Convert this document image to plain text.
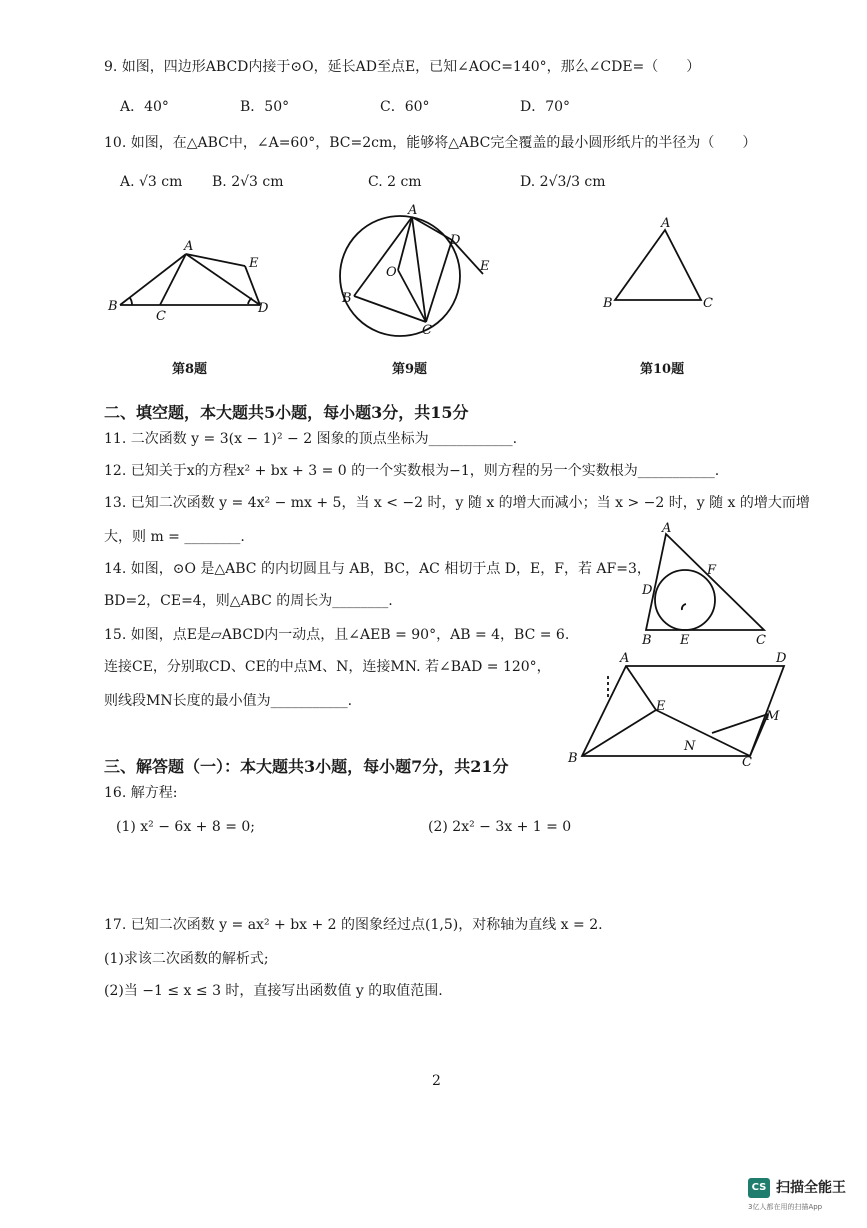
9. 如图，四边形ABCD内接于⊙O，延长AD至点E，已知∠AOC=140°，那么∠CDE=（　　）
A．40°	B．50°	C．60°	D．70°
10. 如图，在△ABC中，∠A=60°，BC=2cm，能够将△ABC完全覆盖的最小圆形纸片的半径为（　　）
A. √3 cm B. 2√3 cm	C. 2 cm	D. 2√3/3 cm
A
E
B
C
D
A
D
E
O
B
C
A
B	C
第8题	第9题	第10题
二、填空题，本大题共5小题，每小题3分，共15分
11. 二次函数 y = 3(x − 1)² − 2 图象的顶点坐标为____________.
12. 已知关于x的方程x² + bx + 3 = 0 的一个实数根为−1，则方程的另一个实数根为___________.
13. 已知二次函数 y = 4x² − mx + 5，当 x < −2 时，y 随 x 的增大而减小；当 x > −2 时，y 随 x 的增大而增
大，则 m = ________.
14. 如图，⊙O 是△ABC 的内切圆且与 AB，BC，AC 相切于点 D，E，F，若 AF=3，
BD=2，CE=4，则△ABC 的周长为________.
15. 如图，点E是▱ABCD内一动点，且∠AEB = 90°，AB = 4，BC = 6.
连接CE，分别取CD、CE的中点M、N，连接MN. 若∠BAD = 120°，
则线段MN长度的最小值为___________.
A
F
D
B E	C
A	D
E
M
N
B	C
三、解答题（一）：本大题共3小题，每小题7分，共21分
16. 解方程:
(1) x² − 6x + 8 = 0;	(2) 2x² − 3x + 1 = 0
17. 已知二次函数 y = ax² + bx + 2 的图象经过点(1,5)，对称轴为直线 x = 2.
(1)求该二次函数的解析式;
(2)当 −1 ≤ x ≤ 3 时，直接写出函数值 y 的取值范围.
2
CS 扫描全能王
3亿人都在用的扫描App
